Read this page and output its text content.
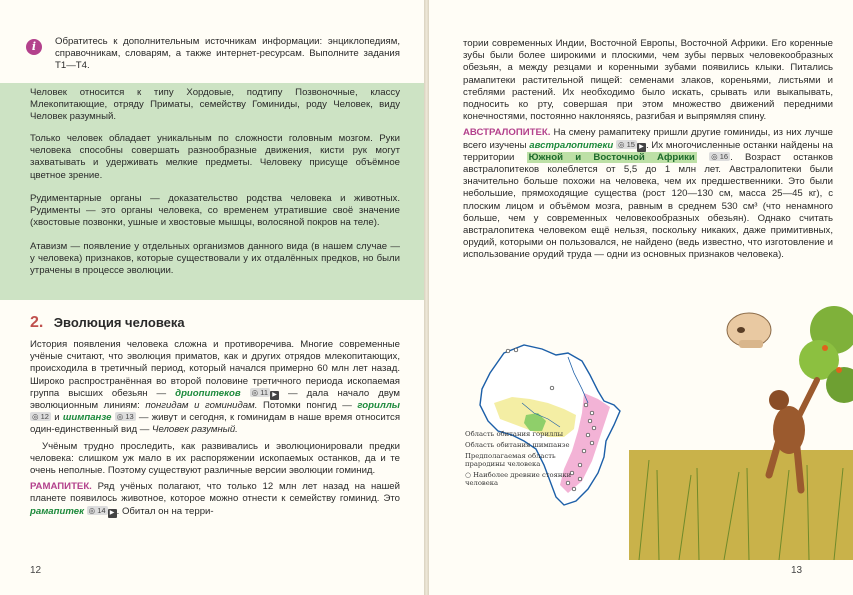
i	Обратитесь к дополнительным источникам информации: энциклопедиям, справочникам, словарям, а также интернет-ресурсам. Выполните задания Т1—Т4.
Человек относится к типу Хордовые, подтипу Позвоночные, классу Млекопитающие, отряду Приматы, семейству Гоминиды, роду Человек, виду Человек разумный.
Только человек обладает уникальным по сложности головным мозгом. Руки человека способны совершать разнообразные движения, кисти рук могут захватывать и удерживать мелкие предметы. Человеку присуще объёмное цветное зрение.
Рудиментарные органы — доказательство родства человека и животных. Рудименты — это органы человека, со временем утратившие своё значение (хвостовые позвонки, ушные и хвостовые мышцы, волосяной покров на теле).
Атавизм — появление у отдельных организмов данного вида (в нашем случае — у человека) признаков, которые существовали у их отдалённых предков, но были утрачены в процессе эволюции.
2. Эволюция человека

История появления человека сложна и противоречива. Многие современные учёные считают, что эволюция приматов, как и других отрядов млекопитающих, происходила в третичный период, который начался примерно 60 млн лет назад. Широко распространённая во второй половине третичного периода ископаемая группа высших обезьян — дриопитеков ◎ 11 ▶ — дала начало двум эволюционным линиям: понгидам и гоминидам. Потомки понгид — гориллы ◎ 12 и шимпанзе ◎ 13 — живут и сегодня, к гоминидам в наше время относится один-единственный вид — Человек разумный.

Учёным трудно проследить, как развивались и эволюционировали предки человека: слишком уж мало в их распоряжении ископаемых останков, да и те очень неполные. Поэтому существуют различные версии эволюции гоминид.

РАМАПИТЕК. Ряд учёных полагают, что только 12 млн лет назад на нашей планете появилось животное, которое можно отнести к семейству гоминид. Это рамапитек ◎ 14 ▶ . Обитал он на терри-

12

тории современных Индии, Восточной Европы, Восточной Африки. Его коренные зубы были более широкими и плоскими, чем зубы первых человекообразных обезьян, а между резцами и коренными зубами появились клыки. Питались рамапитеки растительной пищей: семенами злаков, кореньями, листьями и стеблями растений. Их необходимо было искать, срывать или выкапывать, подносить ко рту, совершая при этом множество движений передними конечностями, постоянно наклоняясь, разгибая и выпрямляя спину.

АВСТРАЛОПИТЕК. На смену рамапитеку пришли другие гоминиды, из них лучше всего изучены австралопитеки ◎ 15 ▶ . Их многочисленные останки найдены на территории Южной и Восточной Африки ◎ 16 . Возраст останков австралопитеков колеблется от 5,5 до 1 млн лет. Австралопитеки были значительно больше похожи на человека, чем их предшественники. Это были небольшие, прямоходящие существа (рост 120—130 см, масса 25—45 кг), с плоским лицом и объёмом мозга, равным в среднем 530 см³ (что ненамного больше, чем у современных человекообразных обезьян). Однако считать австралопитека человеком ещё нельзя, поскольку никаких, даже примитивных, орудий, которыми он пользовался, не найдено (ведь известно, что изготовление и использование орудий труда — одни из основных признаков человека).

Область обитания гориллы
Область обитания шимпанзе
Предполагаемая область прародины человека
○ Наиболее древние стоянки человека
13
